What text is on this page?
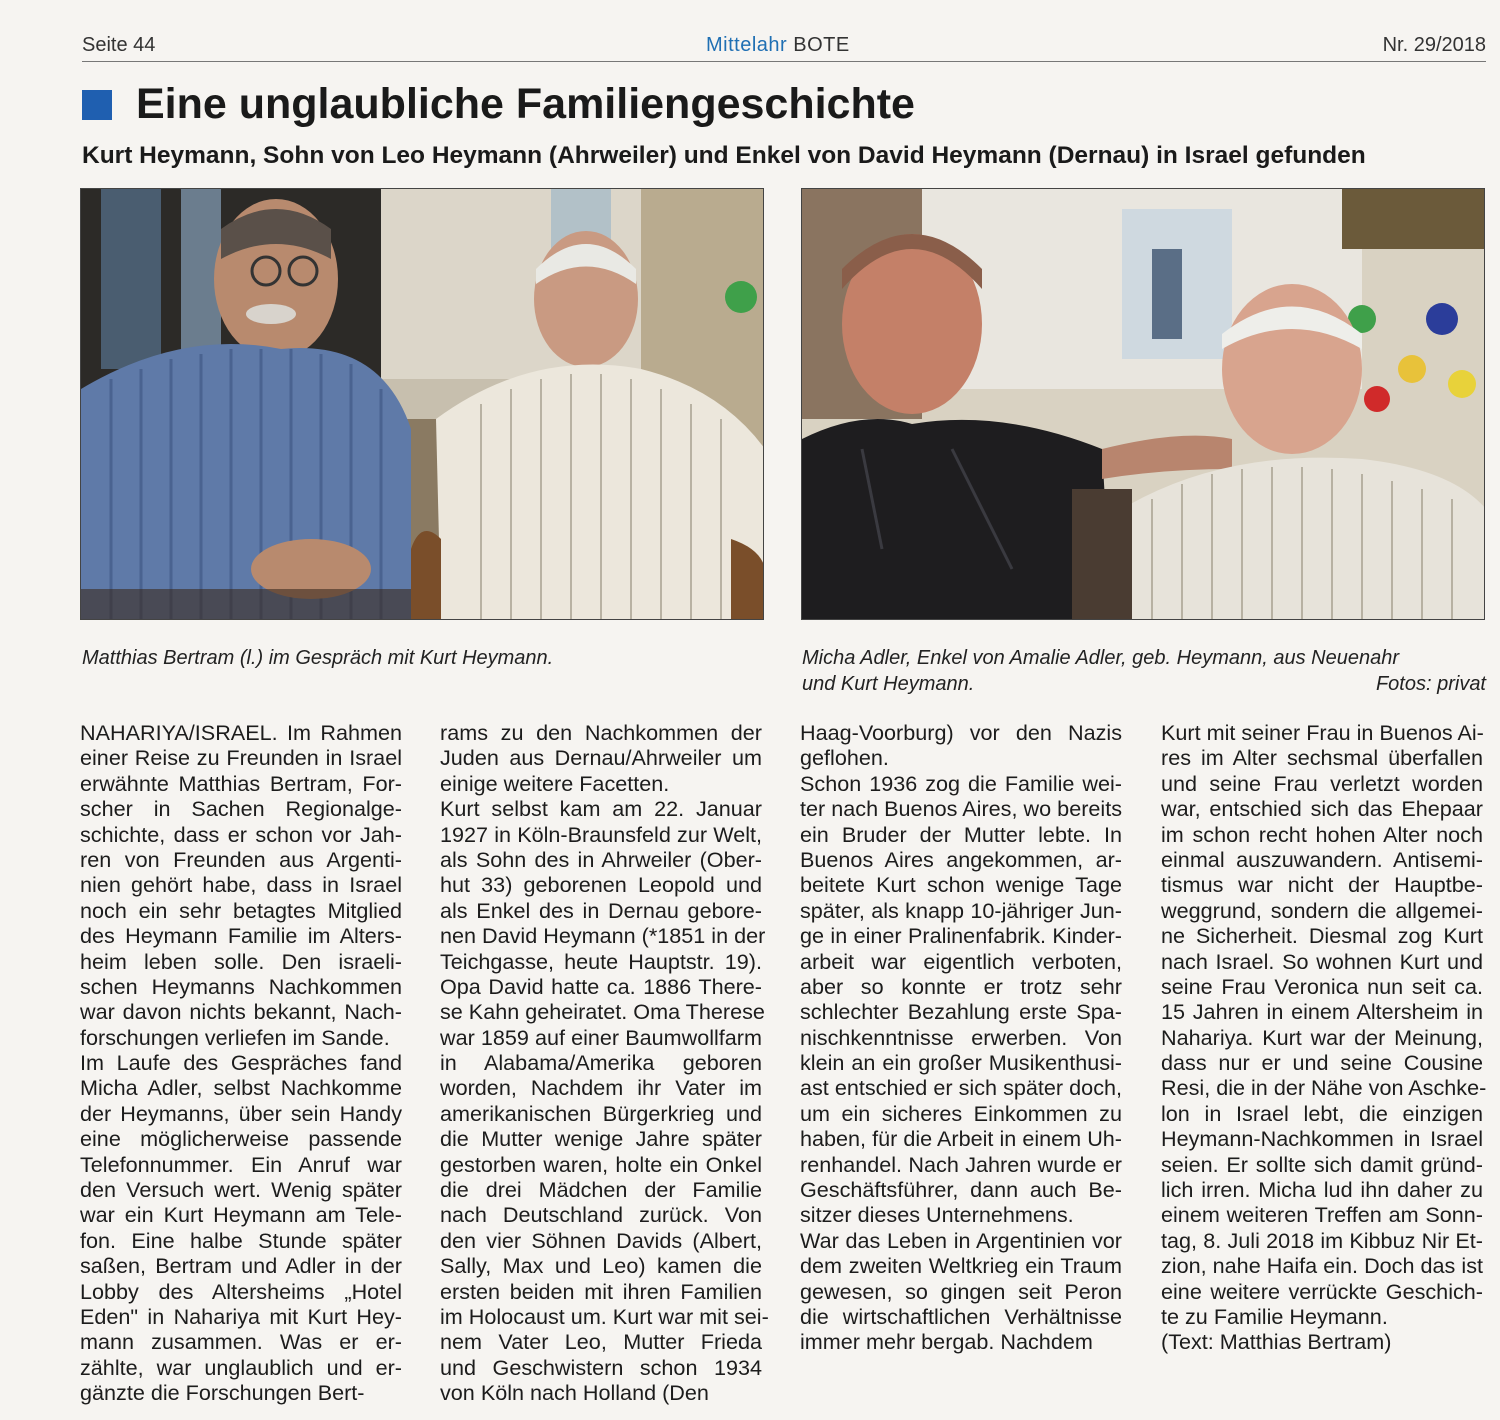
Seite 44	Mittelahr BOTE	Nr. 29/2018
Eine unglaubliche Familiengeschichte
Kurt Heymann, Sohn von Leo Heymann (Ahrweiler) und Enkel von David Heymann (Dernau) in Israel gefunden

Matthias Bertram (l.) im Gespräch mit Kurt Heymann.	Micha Adler, Enkel von Amalie Adler, geb. Heymann, aus Neuenahr
und Kurt Heymann.	Fotos: privat
NAHARIYA/ISRAEL. Im Rahmen
einer Reise zu Freunden in Israel
erwähnte Matthias Bertram, For-
scher in Sachen Regionalge-
schichte, dass er schon vor Jah-
ren von Freunden aus Argenti-
nien gehört habe, dass in Israel
noch ein sehr betagtes Mitglied
des Heymann Familie im Alters-
heim leben solle. Den israeli-
schen Heymanns Nachkommen
war davon nichts bekannt, Nach-
forschungen verliefen im Sande.
Im Laufe des Gespräches fand
Micha Adler, selbst Nachkomme
der Heymanns, über sein Handy
eine möglicherweise passende
Telefonnummer. Ein Anruf war
den Versuch wert. Wenig später
war ein Kurt Heymann am Tele-
fon. Eine halbe Stunde später
saßen, Bertram und Adler in der
Lobby des Altersheims „Hotel
Eden" in Nahariya mit Kurt Hey-
mann zusammen. Was er er-
zählte, war unglaublich und er-
gänzte die Forschungen Bert-
rams zu den Nachkommen der
Juden aus Dernau/Ahrweiler um
einige weitere Facetten.
Kurt selbst kam am 22. Januar
1927 in Köln-Braunsfeld zur Welt,
als Sohn des in Ahrweiler (Ober-
hut 33) geborenen Leopold und
als Enkel des in Dernau gebore-
nen David Heymann (*1851 in der
Teichgasse, heute Hauptstr. 19).
Opa David hatte ca. 1886 There-
se Kahn geheiratet. Oma Therese
war 1859 auf einer Baumwollfarm
in Alabama/Amerika geboren
worden, Nachdem ihr Vater im
amerikanischen Bürgerkrieg und
die Mutter wenige Jahre später
gestorben waren, holte ein Onkel
die drei Mädchen der Familie
nach Deutschland zurück. Von
den vier Söhnen Davids (Albert,
Sally, Max und Leo) kamen die
ersten beiden mit ihren Familien
im Holocaust um. Kurt war mit sei-
nem Vater Leo, Mutter Frieda
und Geschwistern schon 1934
von Köln nach Holland (Den
Haag-Voorburg) vor den Nazis
geflohen.
Schon 1936 zog die Familie wei-
ter nach Buenos Aires, wo bereits
ein Bruder der Mutter lebte. In
Buenos Aires angekommen, ar-
beitete Kurt schon wenige Tage
später, als knapp 10-jähriger Jun-
ge in einer Pralinenfabrik. Kinder-
arbeit war eigentlich verboten,
aber so konnte er trotz sehr
schlechter Bezahlung erste Spa-
nischkenntnisse erwerben. Von
klein an ein großer Musikenthusi-
ast entschied er sich später doch,
um ein sicheres Einkommen zu
haben, für die Arbeit in einem Uh-
renhandel. Nach Jahren wurde er
Geschäftsführer, dann auch Be-
sitzer dieses Unternehmens.
War das Leben in Argentinien vor
dem zweiten Weltkrieg ein Traum
gewesen, so gingen seit Peron
die wirtschaftlichen Verhältnisse
immer mehr bergab. Nachdem
Kurt mit seiner Frau in Buenos Ai-
res im Alter sechsmal überfallen
und seine Frau verletzt worden
war, entschied sich das Ehepaar
im schon recht hohen Alter noch
einmal auszuwandern. Antisemi-
tismus war nicht der Hauptbe-
weggrund, sondern die allgemei-
ne Sicherheit. Diesmal zog Kurt
nach Israel. So wohnen Kurt und
seine Frau Veronica nun seit ca.
15 Jahren in einem Altersheim in
Nahariya. Kurt war der Meinung,
dass nur er und seine Cousine
Resi, die in der Nähe von Aschke-
lon in Israel lebt, die einzigen
Heymann-Nachkommen in Israel
seien. Er sollte sich damit gründ-
lich irren. Micha lud ihn daher zu
einem weiteren Treffen am Sonn-
tag, 8. Juli 2018 im Kibbuz Nir Et-
zion, nahe Haifa ein. Doch das ist
eine weitere verrückte Geschich-
te zu Familie Heymann.
(Text: Matthias Bertram)
